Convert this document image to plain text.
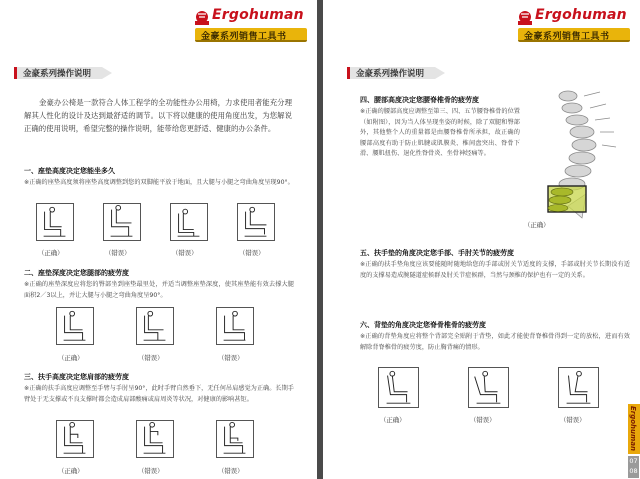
Ergohuman
金豪系列销售工具书
金豪系列操作说明

金豪办公椅是一款符合人体工程学的全功能性办公用椅，力求使用者能充分理解其人性化的设计及达到最舒适的调节。以下将以健康的使用角度出发，为您解说正确的使用说明，希望完整的操作说明，能带给您更舒适、健康的办公条件。

一、座垫高度决定您能坐多久
※正确的座垫高度须将座垫高度调整到您的双脚能平放于地面，且大腿与小腿之弯曲角度呈现90°。
（正确）	（错误）	（错误）	（错误）
二、座垫深度决定您腿部的疲劳度
※正确的座垫深度应将您的臀部坐到座垫最里处，并适当调整座垫深度，使其座垫能有效去撑大腿面积2／3以上，并让大腿与小腿之弯曲角度呈90°。
（正确）	（错误）	（错误）
三、扶手高度决定您肩部的疲劳度
※正确的扶手高度应调整至手臂与手肘呈90°，此时手臂自然垂下，无任何吊肩感觉为正确。长期手臂处于无支撑或不良支撑时都会造成肩部酸痛或肩周炎等状况，对健康的影响甚钜。
（正确）	（错误）	（错误）
Ergohuman
金豪系列销售工具书
金豪系列操作说明
四、腰部高度决定您腰脊椎骨的疲劳度
※正确的腰部高度应调整至第三、四、五节腰脊椎骨的位置（如附图），因为当人体呈现坐姿的时候，除了双腿和臀部外，其他整个人的重量都是由腰脊椎骨所承担，故正确的腰部高度有助于防止肌腱或肌膜炎、椎间盘突出、脊骨下滑、腰肌扭伤、退化性脊骨炎、坐骨神经痛等。
（正确）
五、扶手垫的角度决定您手部、手肘关节的疲劳度
※正确的扶手垫角度应该要能随时随地给您的手部或肘关节适度的支撑，手部或肘关节长期没有适度的支撑易造成腕隧道症候群及肘关节症候群，当然与颈椎的保护也有一定的关系。
六、背垫的角度决定您脊骨椎骨的疲劳度
※正确的背垫角度应将整个背部完全贴附于背垫，如此才能使背脊椎骨得到一定的放松，进而有效解除背脊椎骨的疲劳度，防止胸背痛的情形。
（正确）	（错误）	（错误）	Ergohuman
07
08
